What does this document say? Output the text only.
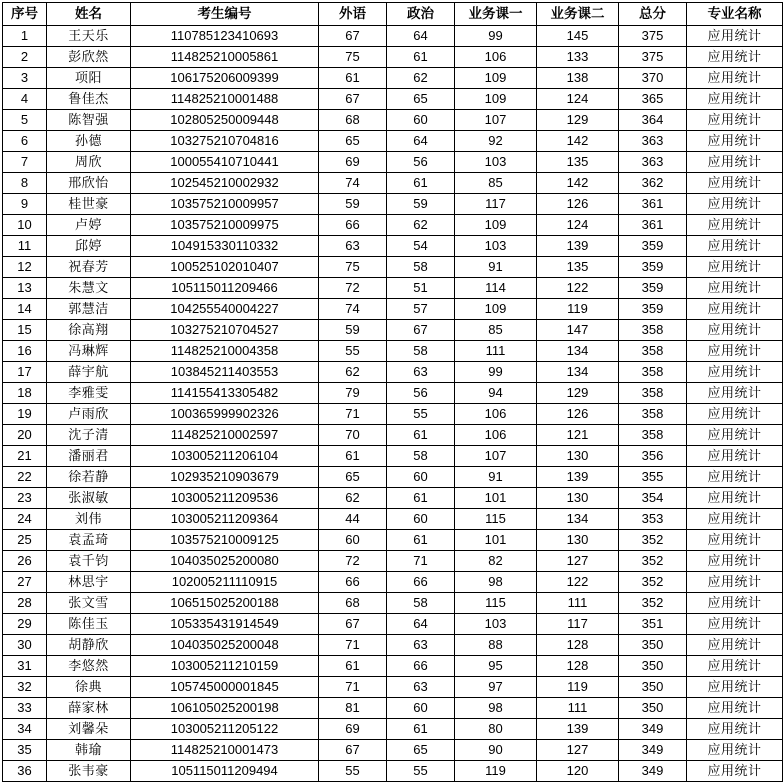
序号	姓名	考生编号	外语	政治	业务课一	业务课二	总分	专业名称
1	王天乐	110785123410693	67	64	99	145	375	应用统计
2	彭欣然	114825210005861	75	61	106	133	375	应用统计
3	项阳	106175206009399	61	62	109	138	370	应用统计
4	鲁佳杰	114825210001488	67	65	109	124	365	应用统计
5	陈智强	102805250009448	68	60	107	129	364	应用统计
6	孙德	103275210704816	65	64	92	142	363	应用统计
7	周欣	100055410710441	69	56	103	135	363	应用统计
8	邢欣怡	102545210002932	74	61	85	142	362	应用统计
9	桂世豪	103575210009957	59	59	117	126	361	应用统计
10	卢婷	103575210009975	66	62	109	124	361	应用统计
11	邱婷	104915330110332	63	54	103	139	359	应用统计
12	祝春芳	100525102010407	75	58	91	135	359	应用统计
13	朱慧文	105115011209466	72	51	114	122	359	应用统计
14	郭慧洁	104255540004227	74	57	109	119	359	应用统计
15	徐高翔	103275210704527	59	67	85	147	358	应用统计
16	冯琳辉	114825210004358	55	58	111	134	358	应用统计
17	薛宇航	103845211403553	62	63	99	134	358	应用统计
18	李雅雯	114155413305482	79	56	94	129	358	应用统计
19	卢雨欣	100365999902326	71	55	106	126	358	应用统计
20	沈子清	114825210002597	70	61	106	121	358	应用统计
21	潘丽君	103005211206104	61	58	107	130	356	应用统计
22	徐若静	102935210903679	65	60	91	139	355	应用统计
23	张淑敏	103005211209536	62	61	101	130	354	应用统计
24	刘伟	103005211209364	44	60	115	134	353	应用统计
25	袁孟琦	103575210009125	60	61	101	130	352	应用统计
26	袁千钧	104035025200080	72	71	82	127	352	应用统计
27	林思宇	102005211110915	66	66	98	122	352	应用统计
28	张文雪	106515025200188	68	58	115	111	352	应用统计
29	陈佳玉	105335431914549	67	64	103	117	351	应用统计
30	胡静欣	104035025200048	71	63	88	128	350	应用统计
31	李悠然	103005211210159	61	66	95	128	350	应用统计
32	徐典	105745000001845	71	63	97	119	350	应用统计
33	薛家林	106105025200198	81	60	98	111	350	应用统计
34	刘馨朵	103005211205122	69	61	80	139	349	应用统计
35	韩瑜	114825210001473	67	65	90	127	349	应用统计
36	张韦豪	105115011209494	55	55	119	120	349	应用统计
